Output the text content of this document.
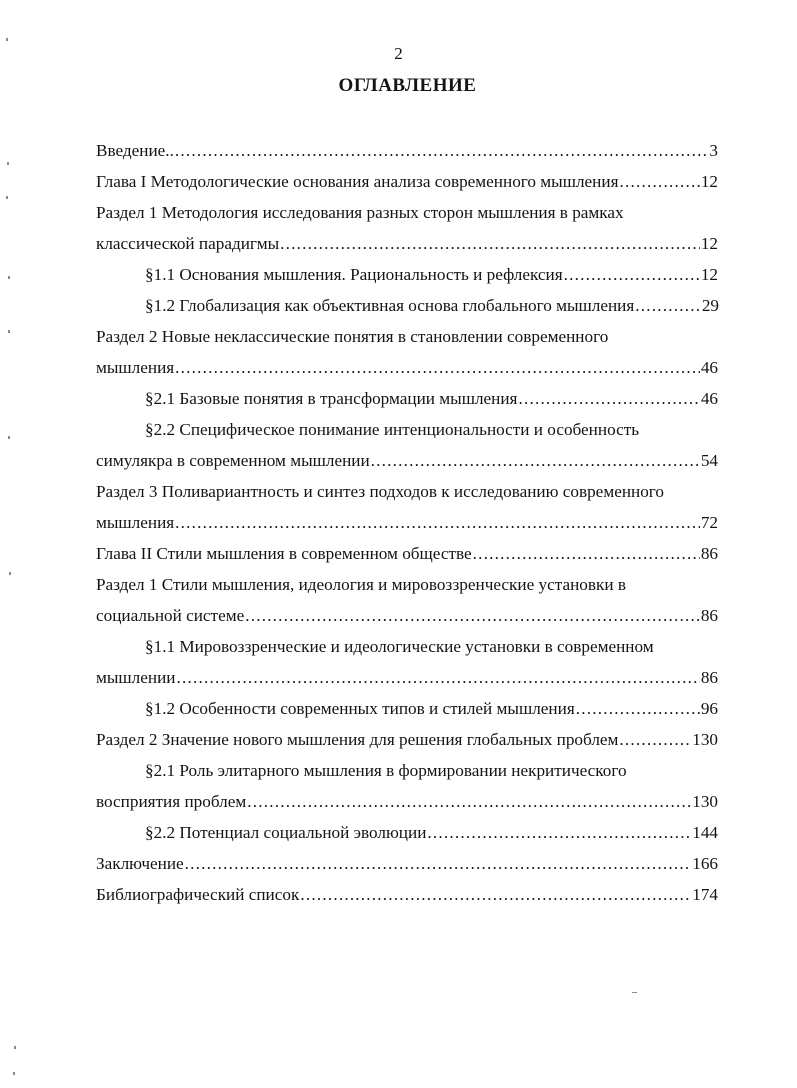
2
ОГЛАВЛЕНИЕ
Введение.. .....	3
Глава I Методологические основания анализа современного мышления .....	12
Раздел 1 Методология исследования разных сторон мышления в рамках
классической парадигмы .....	12
§1.1 Основания мышления. Рациональность и рефлексия .....	12
§1.2 Глобализация как объективная основа глобального мышления .....	29
Раздел 2 Новые неклассические понятия в становлении современного
мышления .....	46
§2.1 Базовые понятия в трансформации мышления .....	46
§2.2 Специфическое понимание интенциональности и особенность
симулякра в современном мышлении .....	54
Раздел 3 Поливариантность и синтез подходов к исследованию современного
мышления .....	72
Глава II Стили мышления в современном обществе .....	86
Раздел 1 Стили мышления, идеология и мировоззренческие установки в
социальной системе .....	86
§1.1 Мировоззренческие и идеологические установки в современном
мышлении .....	86
§1.2 Особенности современных типов и стилей мышления .....	96
Раздел 2 Значение нового мышления для решения глобальных проблем .....	130
§2.1 Роль элитарного мышления в формировании некритического
восприятия проблем .....	130
§2.2 Потенциал социальной эволюции .....	144
Заключение .....	166
Библиографический список .....	174
